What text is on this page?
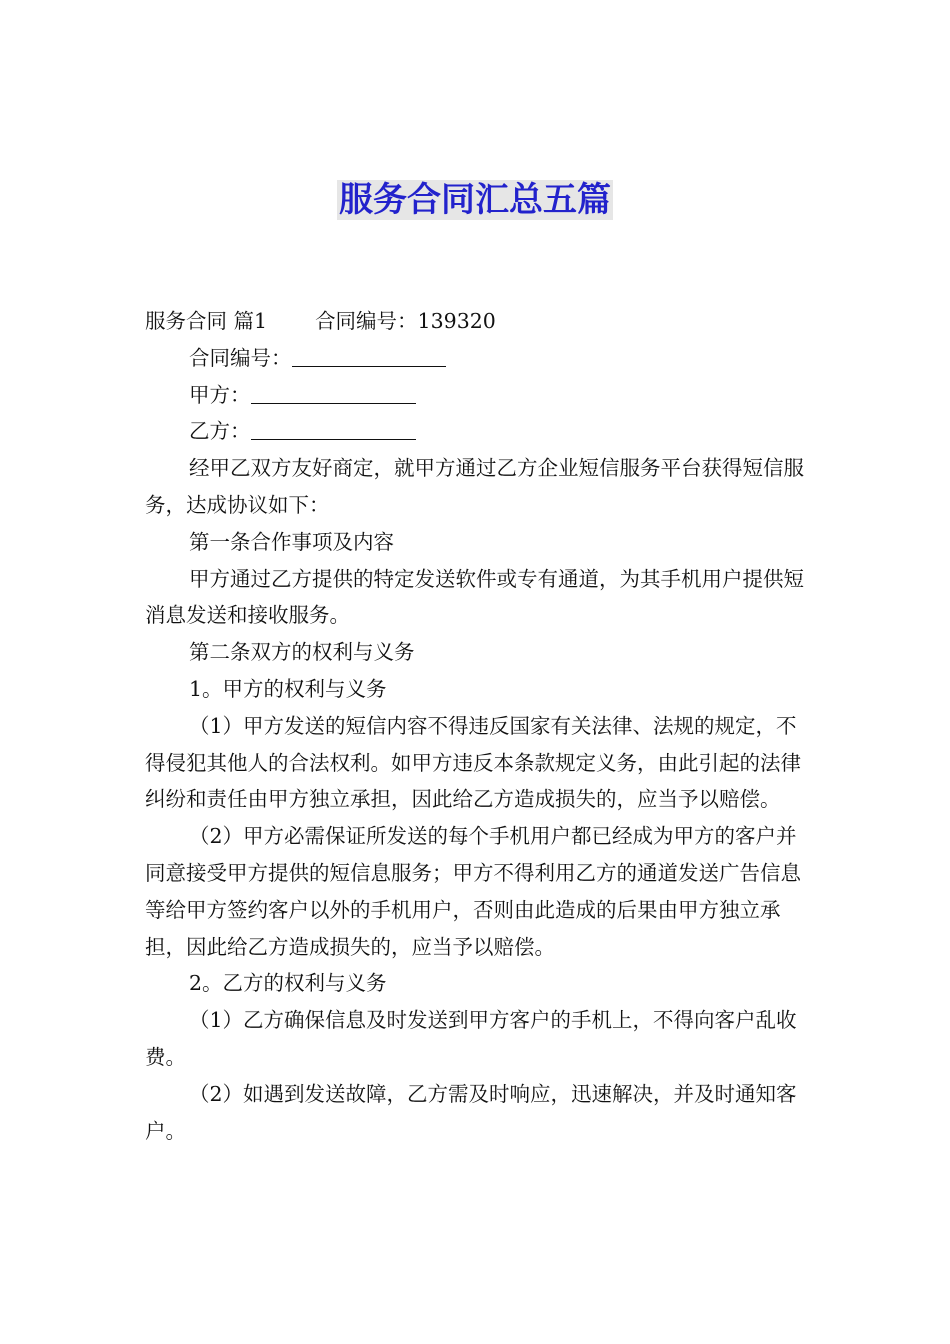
服务合同汇总五篇

服务合同 篇1 合同编号：139320

合同编号：

甲方：

乙方：

经甲乙双方友好商定，就甲方通过乙方企业短信服务平台获得短信服务，达成协议如下：

第一条合作事项及内容

甲方通过乙方提供的特定发送软件或专有通道，为其手机用户提供短消息发送和接收服务。

第二条双方的权利与义务

1。甲方的权利与义务

（1）甲方发送的短信内容不得违反国家有关法律、法规的规定，不得侵犯其他人的合法权利。如甲方违反本条款规定义务，由此引起的法律纠纷和责任由甲方独立承担，因此给乙方造成损失的，应当予以赔偿。

（2）甲方必需保证所发送的每个手机用户都已经成为甲方的客户并同意接受甲方提供的短信息服务；甲方不得利用乙方的通道发送广告信息等给甲方签约客户以外的手机用户，否则由此造成的后果由甲方独立承担，因此给乙方造成损失的，应当予以赔偿。

2。乙方的权利与义务

（1）乙方确保信息及时发送到甲方客户的手机上，不得向客户乱收费。

（2）如遇到发送故障，乙方需及时响应，迅速解决，并及时通知客户。
